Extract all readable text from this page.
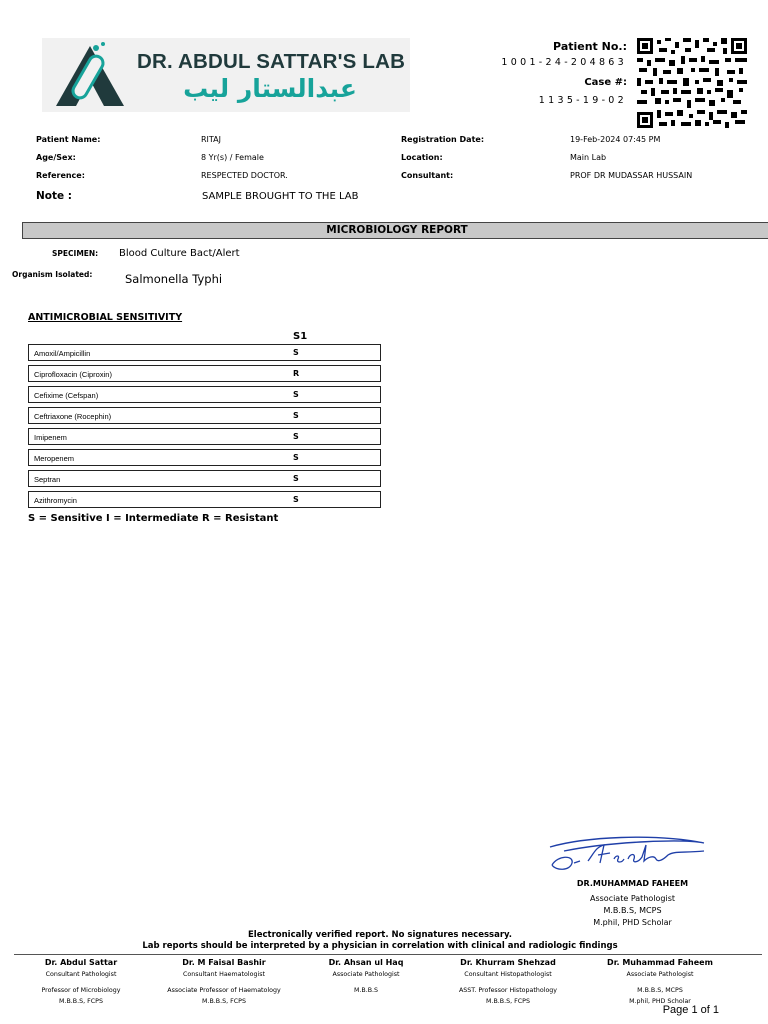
DR. ABDUL SATTAR'S LAB
عبدالستار لیب
Patient No.:
1001-24-204863
Case #:
1135-19-02
Patient Name:	RITAJ	Registration Date:	19-Feb-2024 07:45 PM
Age/Sex:	8 Yr(s) / Female	Location:	Main Lab
Reference:	RESPECTED DOCTOR.	Consultant:	PROF DR MUDASSAR HUSSAIN
Note :	SAMPLE BROUGHT TO THE LAB
MICROBIOLOGY REPORT
SPECIMEN: Blood Culture Bact/Alert
Organism Isolated:	Salmonella Typhi
ANTIMICROBIAL SENSITIVITY
S1
Amoxil/Ampicillin	S
Ciprofloxacin (Ciproxin)	R
Cefixime (Cefspan)	S
Ceftriaxone (Rocephin)	S
Imipenem	S
Meropenem	S
Septran	S
Azithromycin	S
S = Sensitive I = Intermediate R = Resistant
DR.MUHAMMAD FAHEEM
Associate Pathologist
M.B.B.S, MCPS
M.phil, PHD Scholar
Electronically verified report. No signatures necessary.
Lab reports should be interpreted by a physician in correlation with clinical and radiologic findings
Dr. Abdul Sattar
Consultant Pathologist
Professor of Microbiology
M.B.B.S, FCPS
Dr. M Faisal Bashir
Consultant Haematologist
Associate Professor of Haematology
M.B.B.S, FCPS
Dr. Ahsan ul Haq
Associate Pathologist
M.B.B.S
Dr. Khurram Shehzad
Consultant Histopathologist
ASST. Professor Histopathology
M.B.B.S, FCPS
Dr. Muhammad Faheem
Associate Pathologist
M.B.B.S, MCPS
M.phil, PHD Scholar
Page 1 of 1
